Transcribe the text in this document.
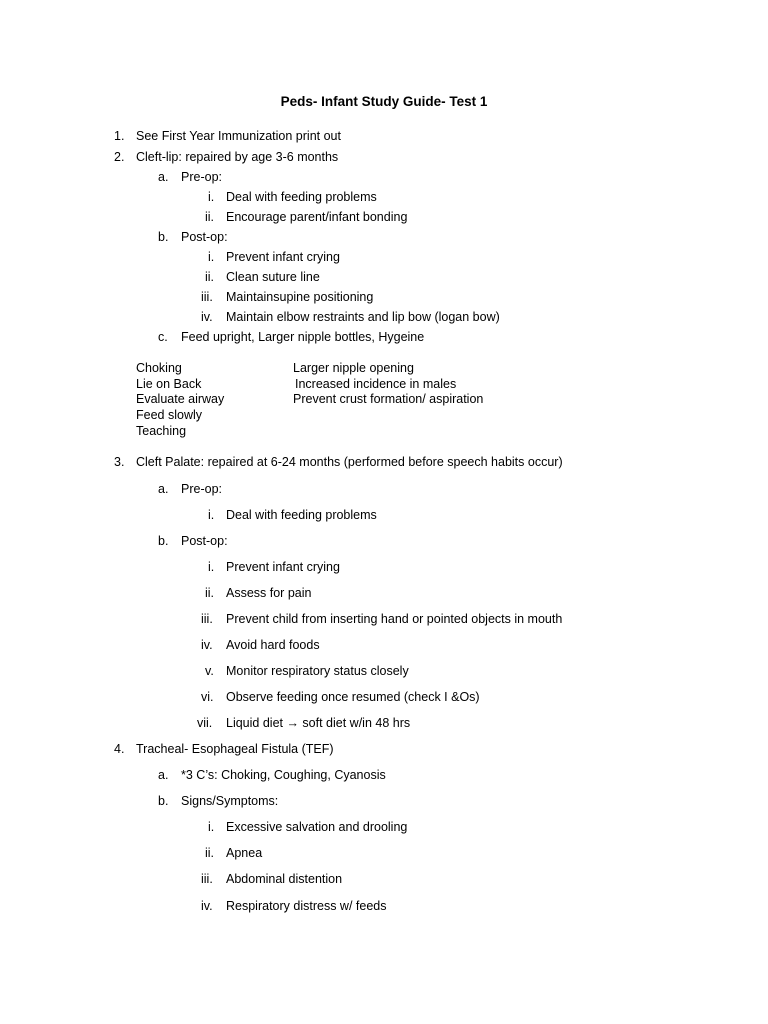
Peds- Infant Study Guide- Test 1
1. See First Year Immunization print out
2. Cleft-lip: repaired by age 3-6 months
a. Pre-op:
i. Deal with feeding problems
ii. Encourage parent/infant bonding
b. Post-op:
i. Prevent infant crying
ii. Clean suture line
iii. Maintainsupine positioning
iv. Maintain elbow restraints and lip bow (logan bow)
c. Feed upright, Larger nipple bottles, Hygeine
Choking
Lie on Back
Evaluate airway
Feed slowly
Teaching
Larger nipple opening
Increased incidence in males
Prevent crust formation/ aspiration
3. Cleft Palate: repaired at 6-24 months (performed before speech habits occur)
a. Pre-op:
i. Deal with feeding problems
b. Post-op:
i. Prevent infant crying
ii. Assess for pain
iii. Prevent child from inserting hand or pointed objects in mouth
iv. Avoid hard foods
v. Monitor respiratory status closely
vi. Observe feeding once resumed (check I &Os)
vii. Liquid diet → soft diet w/in 48 hrs
4. Tracheal- Esophageal Fistula (TEF)
a. *3 C’s: Choking, Coughing, Cyanosis
b. Signs/Symptoms:
i. Excessive salvation and drooling
ii. Apnea
iii. Abdominal distention
iv. Respiratory distress w/ feeds
